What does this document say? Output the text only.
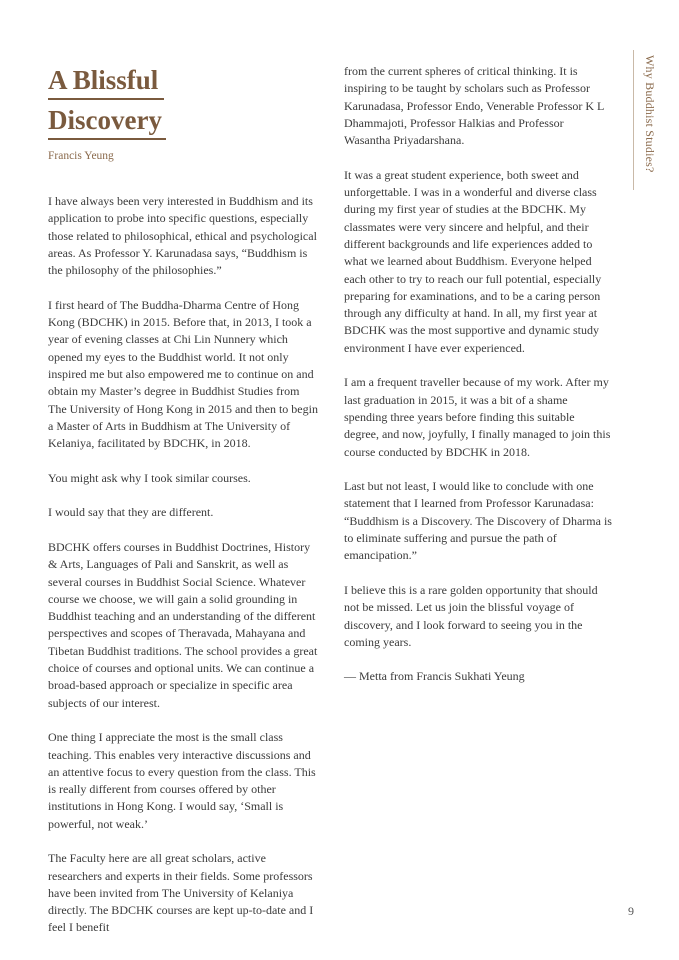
A Blissful
Discovery
Francis Yeung

I have always been very interested in Buddhism and its application to probe into specific questions, especially those related to philosophical, ethical and psychological areas. As Professor Y. Karunadasa says, “Buddhism is the philosophy of the philosophies.”

I first heard of The Buddha-Dharma Centre of Hong Kong (BDCHK) in 2015. Before that, in 2013, I took a year of evening classes at Chi Lin Nunnery which opened my eyes to the Buddhist world. It not only inspired me but also empowered me to continue on and obtain my Master’s degree in Buddhist Studies from The University of Hong Kong in 2015 and then to begin a Master of Arts in Buddhism at The University of Kelaniya, facilitated by BDCHK, in 2018.

You might ask why I took similar courses.

I would say that they are different.

BDCHK offers courses in Buddhist Doctrines, History & Arts, Languages of Pali and Sanskrit, as well as several courses in Buddhist Social Science. Whatever course we choose, we will gain a solid grounding in Buddhist teaching and an understanding of the different perspectives and scopes of Theravada, Mahayana and Tibetan Buddhist traditions. The school provides a great choice of courses and optional units. We can continue a broad-based approach or specialize in specific area subjects of our interest.

One thing I appreciate the most is the small class teaching. This enables very interactive discussions and an attentive focus to every question from the class. This is really different from courses offered by other institutions in Hong Kong. I would say, ‘Small is powerful, not weak.’

The Faculty here are all great scholars, active researchers and experts in their fields. Some professors have been invited from The University of Kelaniya directly. The BDCHK courses are kept up-to-date and I feel I benefit

from the current spheres of critical thinking. It is inspiring to be taught by scholars such as Professor Karunadasa, Professor Endo, Venerable Professor K L Dhammajoti, Professor Halkias and Professor Wasantha Priyadarshana.

It was a great student experience, both sweet and unforgettable. I was in a wonderful and diverse class during my first year of studies at the BDCHK. My classmates were very sincere and helpful, and their different backgrounds and life experiences added to what we learned about Buddhism. Everyone helped each other to try to reach our full potential, especially preparing for examinations, and to be a caring person through any difficulty at hand. In all, my first year at BDCHK was the most supportive and dynamic study environment I have ever experienced.

I am a frequent traveller because of my work. After my last graduation in 2015, it was a bit of a shame spending three years before finding this suitable degree, and now, joyfully, I finally managed to join this course conducted by BDCHK in 2018.

Last but not least, I would like to conclude with one statement that I learned from Professor Karunadasa: “Buddhism is a Discovery. The Discovery of Dharma is to eliminate suffering and pursue the path of emancipation.”

I believe this is a rare golden opportunity that should not be missed. Let us join the blissful voyage of discovery, and I look forward to seeing you in the coming years.

— Metta from Francis Sukhati Yeung

Why Buddhist Studies?
9
